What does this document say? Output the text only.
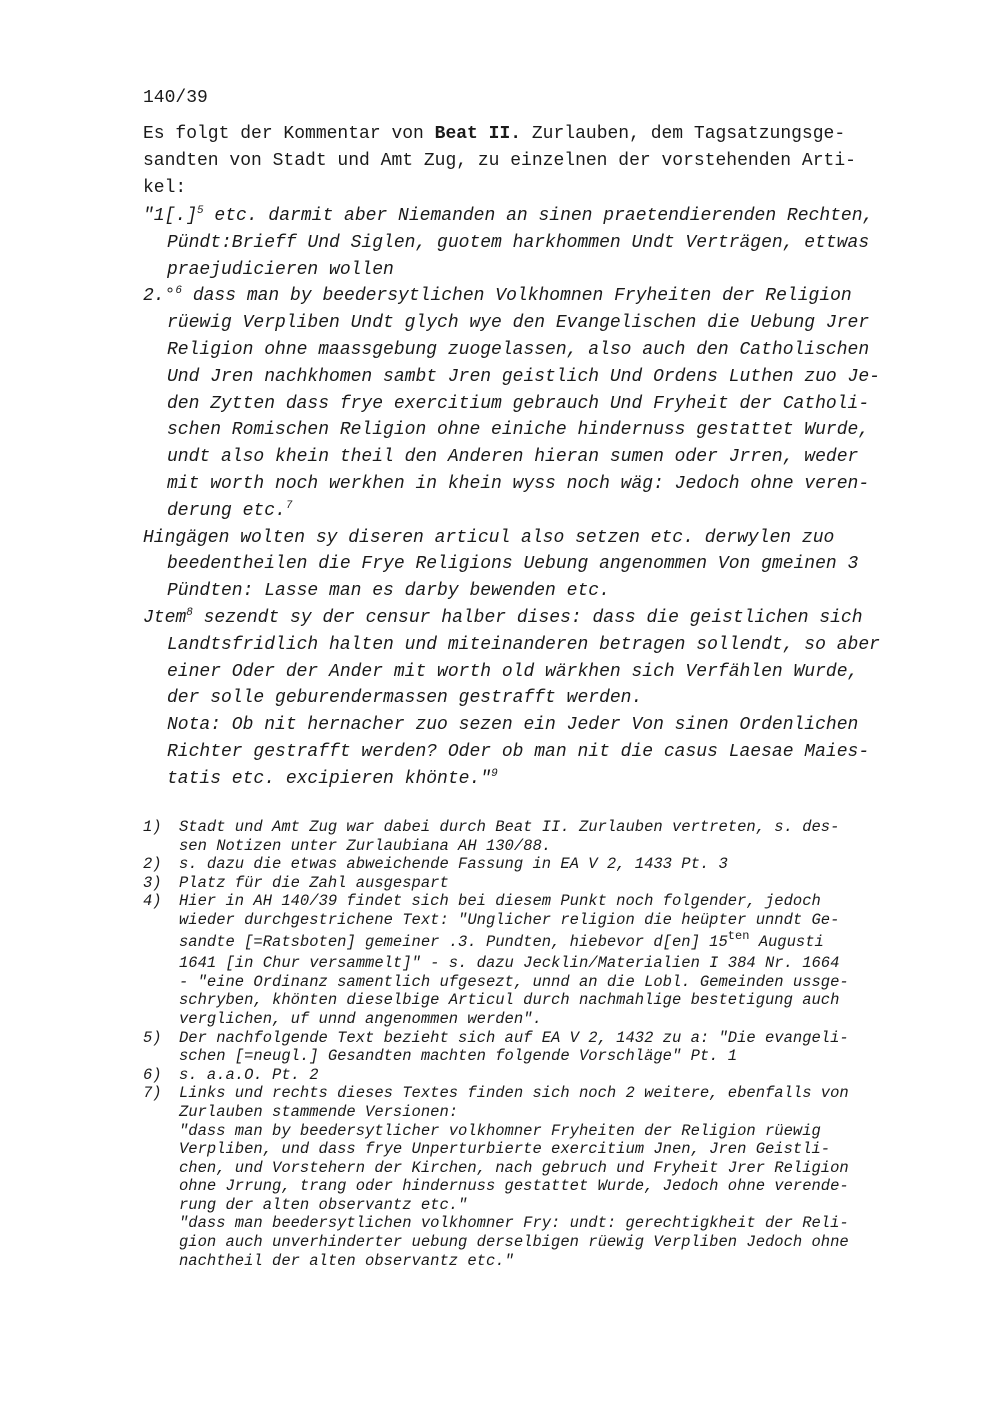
140/39
Es folgt der Kommentar von Beat II. Zurlauben, dem Tagsatzungsge-
sandten von Stadt und Amt Zug, zu einzelnen der vorstehenden Arti-
kel:
"1[.]$^5$ etc. darmit aber Niemanden an sinen praetendierenden Rechten,
Pündt:Brieff Und Siglen, guotem harkhommen Undt Verträgen, ettwas
praejudicieren wollen
2.°$^6$ dass man by beedersytlichen Volkhomnen Fryheiten der Religion
rüewig Verpliben Undt glych wye den Evangelischen die Uebung Jrer
Religion ohne maassgebung zuogelassen, also auch den Catholischen
Und Jren nachkhomen sambt Jren geistlich Und Ordens Luthen zuo Je-
den Zytten dass frye exercitium gebrauch Und Fryheit der Catholi-
schen Romischen Religion ohne einiche hindernuss gestattet Wurde,
undt also khein theil den Anderen hieran sumen oder Jrren, weder
mit worth noch werkhen in khein wyss noch wäg: Jedoch ohne veren-
derung etc.$^7$
Hingägen wolten sy diseren articul also setzen etc. derwylen zuo
beedentheilen die Frye Religions Uebung angenommen Von gmeinen 3
Pündten: Lasse man es darby bewenden etc.
Jtem$^8$ sezendt sy der censur halber dises: dass die geistlichen sich
Landtsfridlich halten und miteinanderen betragen sollendt, so aber
einer Oder der Ander mit worth old wärkhen sich Verfählen Wurde,
der solle geburendermassen gestrafft werden.
Nota: Ob nit hernacher zuo sezen ein Jeder Von sinen Ordenlichen
Richter gestrafft werden? Oder ob man nit die casus Laesae Maies-
tatis etc. excipieren khönte."$^9$
1) Stadt und Amt Zug war dabei durch Beat II. Zurlauben vertreten, s. des-
sen Notizen unter Zurlaubiana AH 130/88.
2) s. dazu die etwas abweichende Fassung in EA V 2, 1433 Pt. 3
3) Platz für die Zahl ausgespart
4) Hier in AH 140/39 findet sich bei diesem Punkt noch folgender, jedoch
wieder durchgestrichene Text: "Unglicher religion die heüpter unndt Ge-
sandte [=Ratsboten] gemeiner .3. Pundten, hiebevor d[en] $15^{ten}$ Augusti
1641 [in Chur versammelt]" - s. dazu Jecklin/Materialien I 384 Nr. 1664
- "eine Ordinanz samentlich ufgesezt, unnd an die Lobl. Gemeinden ussge-
schryben, khönten dieselbige Articul durch nachmahlige bestetigung auch
verglichen, uf unnd angenommen werden".
5) Der nachfolgende Text bezieht sich auf EA V 2, 1432 zu a: "Die evangeli-
schen [=neugl.] Gesandten machten folgende Vorschläge" Pt. 1
6) s. a.a.O. Pt. 2
7) Links und rechts dieses Textes finden sich noch 2 weitere, ebenfalls von
Zurlauben stammende Versionen:
"dass man by beedersytlicher volkhomner Fryheiten der Religion rüewig
Verpliben, und dass frye Unperturbierte exercitium Jnen, Jren Geistli-
chen, und Vorstehern der Kirchen, nach gebruch und Fryheit Jrer Religion
ohne Jrrung, trang oder hindernuss gestattet Wurde, Jedoch ohne verende-
rung der alten observantz etc."
"dass man beedersytlichen volkhomner Fry: undt: gerechtigkheit der Reli-
gion auch unverhinderter uebung derselbigen rüewig Verpliben Jedoch ohne
nachtheil der alten observantz etc."
